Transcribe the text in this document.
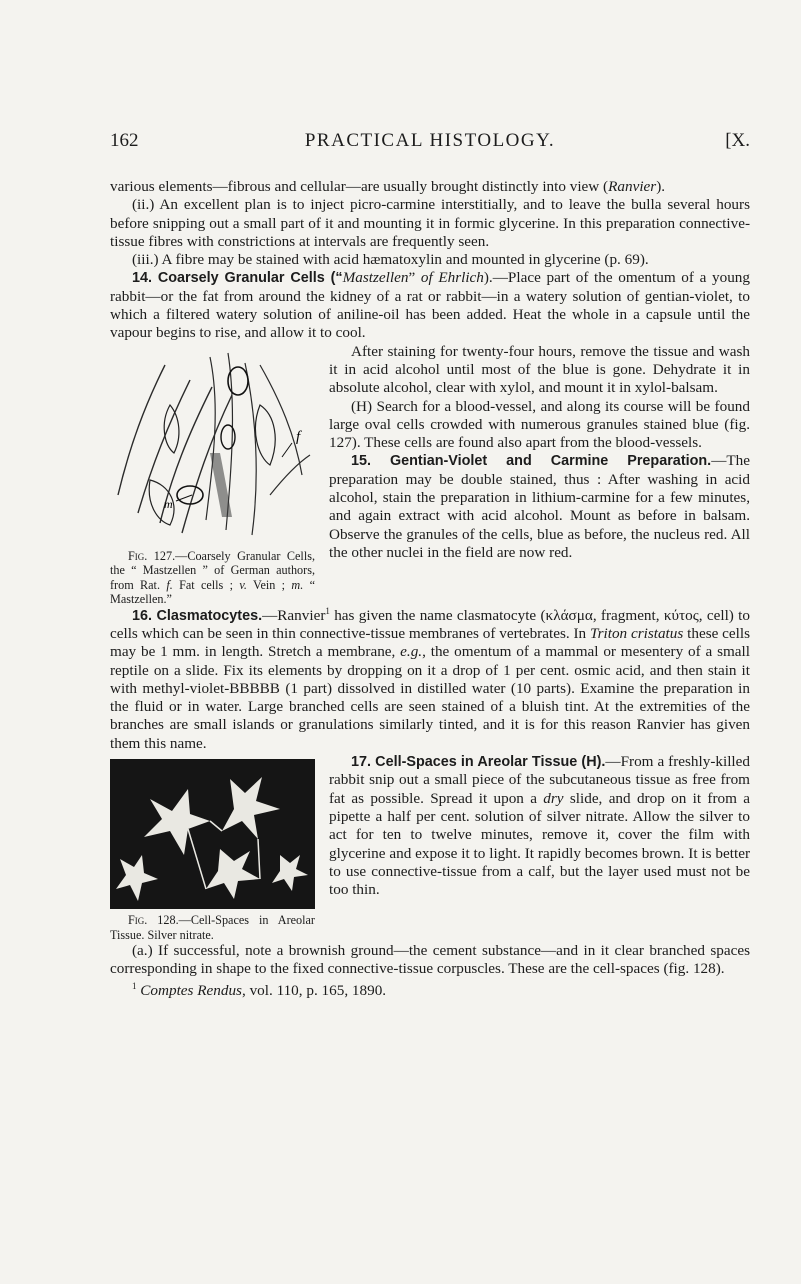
162	PRACTICAL HISTOLOGY.	[X.

various elements—fibrous and cellular—are usually brought distinctly into view (Ranvier).

(ii.) An excellent plan is to inject picro-carmine interstitially, and to leave the bulla several hours before snipping out a small part of it and mounting it in formic glycerine. In this preparation connective-tissue fibres with constrictions at intervals are frequently seen.

(iii.) A fibre may be stained with acid hæmatoxylin and mounted in glycerine (p. 69).

14. Coarsely Granular Cells (“Mastzellen” of Ehrlich).—Place part of the omentum of a young rabbit—or the fat from around the kidney of a rat or rabbit—in a watery solution of gentian-violet, to which a filtered watery solution of aniline-oil has been added. Heat the whole in a capsule until the vapour begins to rise, and allow it to cool.

f
m

Fig. 127.—Coarsely Granular Cells, the “ Mastzellen ” of German authors, from Rat. f. Fat cells ; v. Vein ; m. “ Mastzellen.”

After staining for twenty-four hours, remove the tissue and wash it in acid alcohol until most of the blue is gone. Dehydrate it in absolute alcohol, clear with xylol, and mount it in xylol-balsam.

(H) Search for a blood-vessel, and along its course will be found large oval cells crowded with numerous granules stained blue (fig. 127). These cells are found also apart from the blood-vessels.

15. Gentian-Violet and Carmine Preparation.—The preparation may be double stained, thus : After washing in acid alcohol, stain the preparation in lithium-carmine for a few minutes, and again extract with acid alcohol. Mount as before in balsam. Observe the granules of the cells, blue as before, the nucleus red. All the other nuclei in the field are now red.

16. Clasmatocytes.—Ranvier$^1$ has given the name clasmatocyte (κλάσμα, fragment, κύτος, cell) to cells which can be seen in thin connective-tissue membranes of vertebrates. In Triton cristatus these cells may be 1 mm. in length. Stretch a membrane, e.g., the omentum of a mammal or mesentery of a small reptile on a slide. Fix its elements by dropping on it a drop of 1 per cent. osmic acid, and then stain it with methyl-violet-BBBBB (1 part) dissolved in distilled water (10 parts). Examine the preparation in the fluid or in water. Large branched cells are seen stained of a bluish tint. At the extremities of the branches are small islands or granulations similarly tinted, and it is for this reason Ranvier has given them this name.

Fig. 128.—Cell-Spaces in Areolar Tissue. Silver nitrate.

17. Cell-Spaces in Areolar Tissue (H).—From a freshly-killed rabbit snip out a small piece of the subcutaneous tissue as free from fat as possible. Spread it upon a dry slide, and drop on it from a pipette a half per cent. solution of silver nitrate. Allow the silver to act for ten to twelve minutes, remove it, cover the film with glycerine and expose it to light. It rapidly becomes brown. It is better to use connective-tissue from a calf, but the layer used must not be too thin.

(a.) If successful, note a brownish ground—the cement substance—and in it clear branched spaces corresponding in shape to the fixed connective-tissue corpuscles. These are the cell-spaces (fig. 128).

$^1$ Comptes Rendus, vol. 110, p. 165, 1890.
